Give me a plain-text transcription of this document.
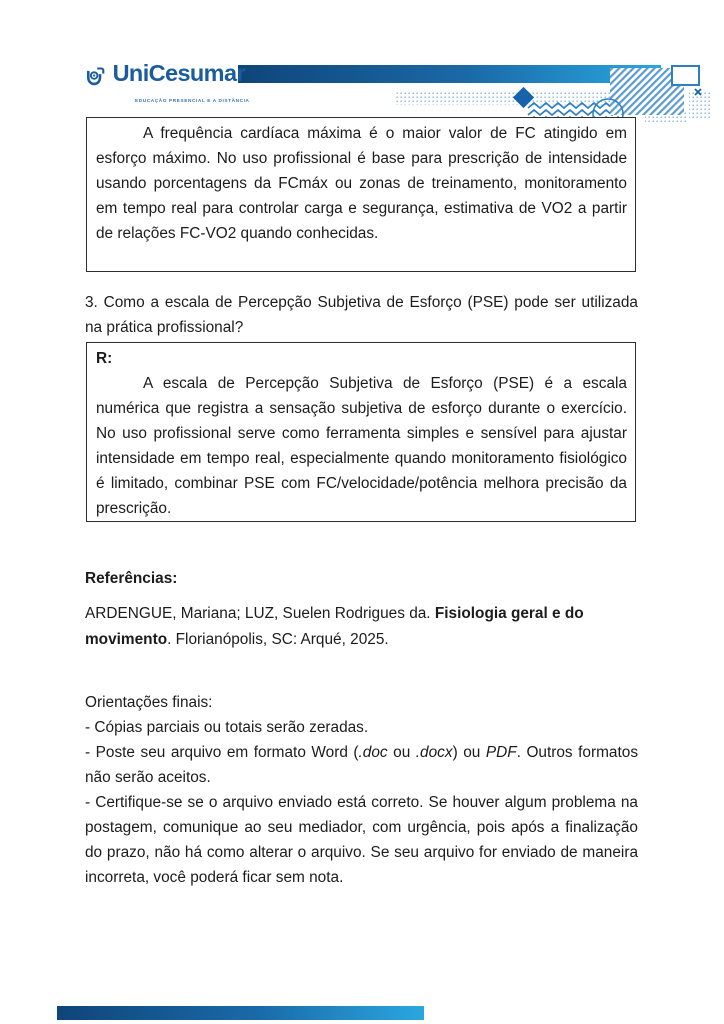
UniCesumar
EDUCAÇÃO PRESENCIAL E A DISTÂNCIA

A frequência cardíaca máxima é o maior valor de FC atingido em esforço máximo. No uso profissional é base para prescrição de intensidade usando porcentagens da FCmáx ou zonas de treinamento, monitoramento em tempo real para controlar carga e segurança, estimativa de VO2 a partir de relações FC-VO2 quando conhecidas.

3. Como a escala de Percepção Subjetiva de Esforço (PSE) pode ser utilizada na prática profissional?

R:

A escala de Percepção Subjetiva de Esforço (PSE) é a escala numérica que registra a sensação subjetiva de esforço durante o exercício. No uso profissional serve como ferramenta simples e sensível para ajustar intensidade em tempo real, especialmente quando monitoramento fisiológico é limitado, combinar PSE com FC/velocidade/potência melhora precisão da prescrição.

Referências:

ARDENGUE, Mariana; LUZ, Suelen Rodrigues da. Fisiologia geral e do movimento. Florianópolis, SC: Arqué, 2025.

Orientações finais:

- Cópias parciais ou totais serão zeradas.

- Poste seu arquivo em formato Word (.doc ou .docx) ou PDF. Outros formatos não serão aceitos.

- Certifique-se se o arquivo enviado está correto. Se houver algum problema na postagem, comunique ao seu mediador, com urgência, pois após a finalização do prazo, não há como alterar o arquivo. Se seu arquivo for enviado de maneira incorreta, você poderá ficar sem nota.
